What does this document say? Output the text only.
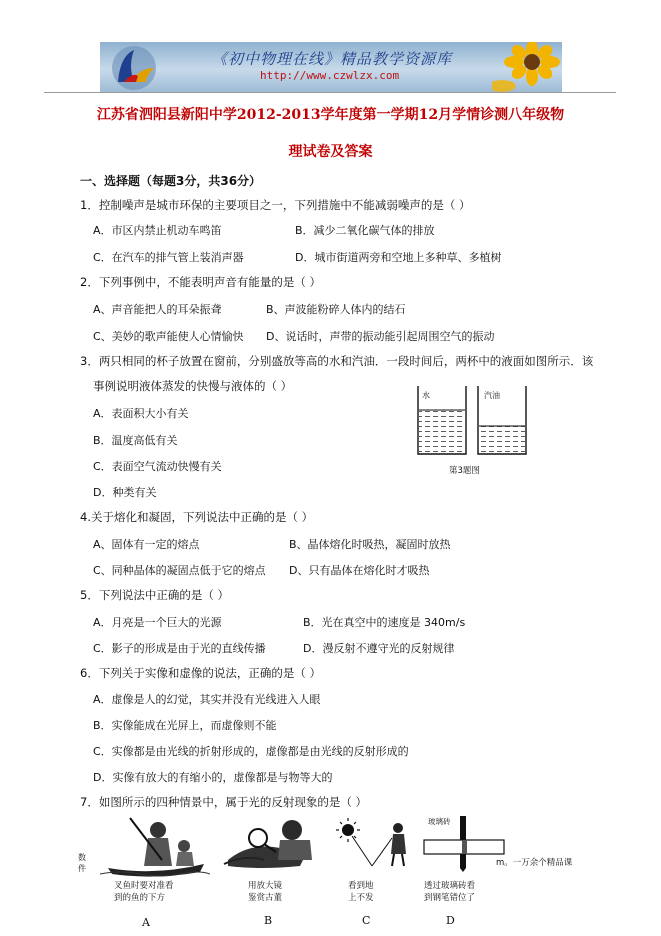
《初中物理在线》精品教学资源库
http://www.czwlzx.com
江苏省泗阳县新阳中学2012-2013学年度第一学期12月学情诊测八年级物
理试卷及答案
一、选择题（每题3分，共36分）
1．控制噪声是城市环保的主要项目之一，下列措施中不能减弱噪声的是（ ）
A．市区内禁止机动车鸣笛	B．减少二氧化碳气体的排放
C．在汽车的排气管上装消声器	D．城市街道两旁和空地上多种草、多植树
2．下列事例中，不能表明声音有能量的是（ ）
A、声音能把人的耳朵振聋	B、声波能粉碎人体内的结石
C、美妙的歌声能使人心情愉快 D、说话时，声带的振动能引起周围空气的振动
3．两只相同的杯子放置在窗前，分别盛放等高的水和汽油．一段时间后，两杯中的液面如图所示．该
事例说明液体蒸发的快慢与液体的（ ）
A．表面积大小有关
B．温度高低有关
C．表面空气流动快慢有关
D．种类有关
水	汽油
第3题图
4.关于熔化和凝固，下列说法中正确的是（ ）
A、固体有一定的熔点	B、晶体熔化时吸热，凝固时放热
C、同种晶体的凝固点低于它的熔点 D、只有晶体在熔化时才吸热
5．下列说法中正确的是（ ）
A．月亮是一个巨大的光源	B．光在真空中的速度是 340m/s
C．影子的形成是由于光的直线传播	D．漫反射不遵守光的反射规律
6．下列关于实像和虚像的说法，正确的是（ ）
A．虚像是人的幻觉，其实并没有光线进入人眼
B．实像能成在光屏上，而虚像则不能
C．实像都是由光线的折射形成的，虚像都是由光线的反射形成的
D．实像有放大的有缩小的，虚像都是与物等大的
7．如图所示的四种情景中，属于光的反射现象的是（ ）
玻璃砖
数
件
m。一万余个精品课
叉鱼时要对准看
到的鱼的下方
用放大镜
鉴赏古董
看到地
上不发
透过玻璃砖看
到钢笔错位了
A	B	C	D
